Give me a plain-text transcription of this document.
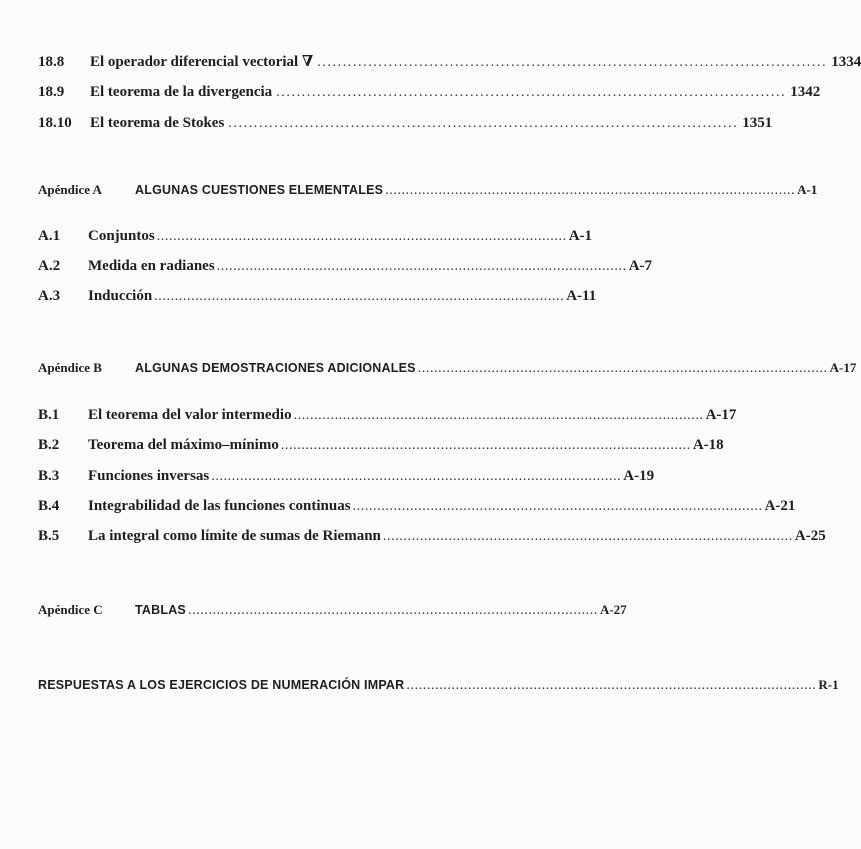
18.8	El operador diferencial vectorial ∇ .................................................................................................... 1334
18.9	El teorema de la divergencia .................................................................................................... 1342
18.10	El teorema de Stokes .................................................................................................... 1351
Apéndice A	ALGUNAS CUESTIONES ELEMENTALES .................................................................................................... A-1
A.1	Conjuntos .................................................................................................... A-1
A.2	Medida en radianes .................................................................................................... A-7
A.3	Inducción .................................................................................................... A-11
Apéndice B	ALGUNAS DEMOSTRACIONES ADICIONALES .................................................................................................... A-17
B.1	El teorema del valor intermedio .................................................................................................... A-17
B.2	Teorema del máximo–mínimo .................................................................................................... A-18
B.3	Funciones inversas .................................................................................................... A-19
B.4	Integrabilidad de las funciones continuas .................................................................................................... A-21
B.5	La integral como límite de sumas de Riemann .................................................................................................... A-25
Apéndice C	TABLAS .................................................................................................... A-27
RESPUESTAS A LOS EJERCICIOS DE NUMERACIÓN IMPAR .................................................................................................... R-1
